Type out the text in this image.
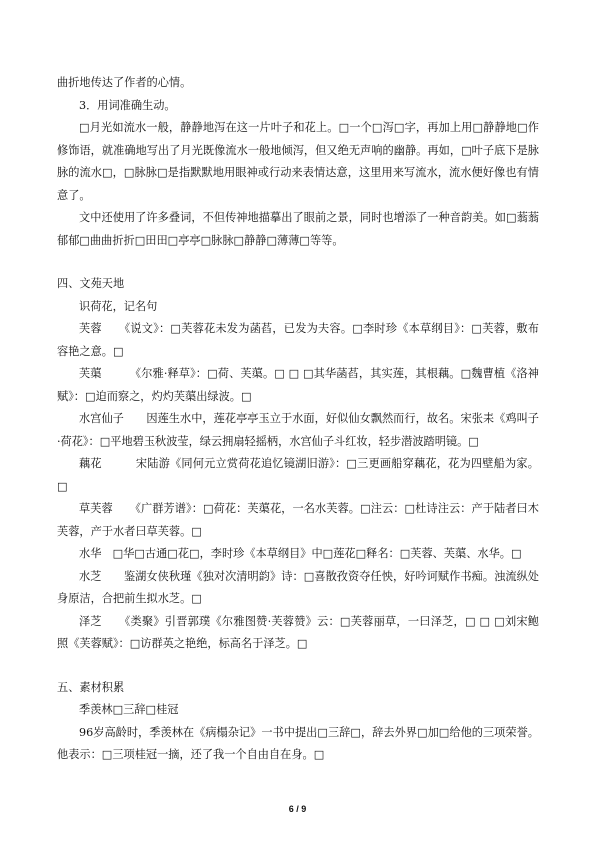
曲折地传达了作者的心情。

3．用词准确生动。

□月光如流水一般，静静地泻在这一片叶子和花上。□一个□泻□字，再加上用□静静地□作修饰语，就准确地写出了月光既像流水一般地倾泻，但又绝无声响的幽静。再如，□叶子底下是脉脉的流水□，□脉脉□是指默默地用眼神或行动来表情达意，这里用来写流水，流水便好像也有情意了。

文中还使用了许多叠词，不但传神地描摹出了眼前之景，同时也增添了一种音韵美。如□蓊蓊郁郁□曲曲折折□田田□亭亭□脉脉□静静□薄薄□等等。

四、文苑天地

识荷花，记名句

芙蓉　　《说文》：□芙蓉花未发为菡萏，已发为夫容。□李时珍《本草纲目》：□芙蓉，敷布容艳之意。□

芙蕖　　　《尔雅·释草》：□荷、芙蕖。□ □ □其华菡萏，其实莲，其根藕。□魏曹植《洛神赋》：□迫而察之，灼灼芙蕖出绿波。□

水宫仙子　　因莲生水中，莲花亭亭玉立于水面，好似仙女飘然而行，故名。宋张耒《鸡叫子·荷花》：□平地碧玉秋波莹，绿云拥扇轻摇柄，水宫仙子斗红妆，轻步潜波踏明镜。□

藕花　　　宋陆游《同何元立赏荷花追忆镜湖旧游》：□三更画船穿藕花，花为四壁船为家。□

草芙蓉　　《广群芳谱》：□荷花：芙蕖花，一名水芙蓉。□注云：□杜诗注云：产于陆者曰木芙蓉，产于水者曰草芙蓉。□

水华　□华□古通□花□，李时珍《本草纲目》中□莲花□释名：□芙蓉、芙蕖、水华。□

水芝　　鉴湖女侠秋瑾《独对次清明韵》诗：□喜散孜资夺任怏，好吟诃赋作书痴。浊流纵处身原洁，合把前生拟水芝。□

泽芝　　《类聚》引晋郭璞《尔雅图赞·芙蓉赞》云：□芙蓉丽草，一曰泽芝，□ □ □刘宋鲍照《芙蓉赋》：□访群英之艳绝，标高名于泽芝。□

五、素材积累

季羡林□三辞□桂冠

96岁高龄时，季羡林在《病榻杂记》一书中提出□三辞□，辞去外界□加□给他的三项荣誉。他表示：□三项桂冠一摘，还了我一个自由自在身。□

6 / 9
